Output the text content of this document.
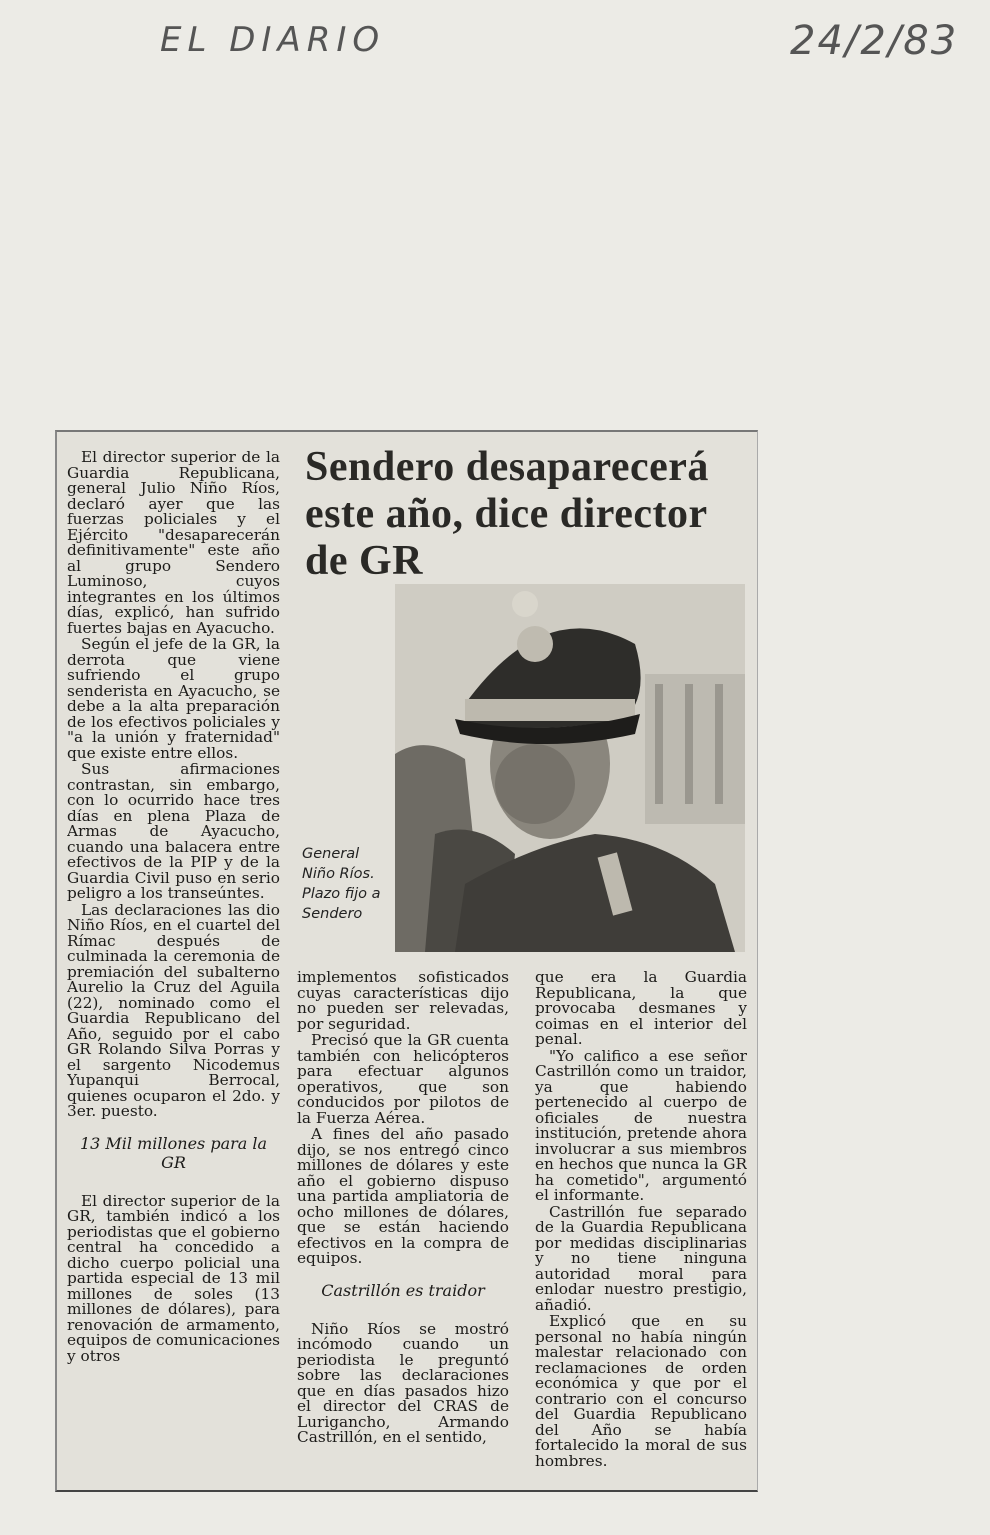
EL DIARIO	24/2/83

El director superior de la Guardia Republicana, general Julio Niño Ríos, declaró ayer que las fuerzas policiales y el Ejército "desaparecerán definitivamente" este año al grupo Sendero Luminoso, cuyos integrantes en los últimos días, explicó, han sufrido fuertes bajas en Ayacucho.

Según el jefe de la GR, la derrota que viene sufriendo el grupo senderista en Ayacucho, se debe a la alta preparación de los efectivos policiales y "a la unión y fraternidad" que existe entre ellos.

Sus afirmaciones contrastan, sin embargo, con lo ocurrido hace tres días en plena Plaza de Armas de Ayacucho, cuando una balacera entre efectivos de la PIP y de la Guardia Civil puso en serio peligro a los transeúntes.

Las declaraciones las dio Niño Ríos, en el cuartel del Rímac después de culminada la ceremonia de premiación del subalterno Aurelio la Cruz del Aguila (22), nominado como el Guardia Republicano del Año, seguido por el cabo GR Rolando Silva Porras y el sargento Nicodemus Yupanqui Berrocal, quienes ocuparon el 2do. y 3er. puesto.

13 Mil millones para la GR

El director superior de la GR, también indicó a los periodistas que el gobierno central ha concedido a dicho cuerpo policial una partida especial de 13 mil millones de soles (13 millones de dólares), para renovación de armamento, equipos de comunicaciones y otros

Sendero desaparecerá este año, dice director de GR
General Niño Ríos. Plazo fijo a Sendero

implementos sofisticados cuyas características dijo no pueden ser relevadas, por seguridad.

Precisó que la GR cuenta también con helicópteros para efectuar algunos operativos, que son conducidos por pilotos de la Fuerza Aérea.

A fines del año pasado dijo, se nos entregó cinco millones de dólares y este año el gobierno dispuso una partida ampliatoria de ocho millones de dólares, que se están haciendo efectivos en la compra de equipos.

Castrillón es traidor

Niño Ríos se mostró incómodo cuando un periodista le preguntó sobre las declaraciones que en días pasados hizo el director del CRAS de Lurigancho, Armando Castrillón, en el sentido,

que era la Guardia Republicana, la que provocaba desmanes y coimas en el interior del penal.

"Yo califico a ese señor Castrillón como un traidor, ya que habiendo pertenecido al cuerpo de oficiales de nuestra institución, pretende ahora involucrar a sus miembros en hechos que nunca la GR ha cometido", argumentó el informante.

Castrillón fue separado de la Guardia Republicana por medidas disciplinarias y no tiene ninguna autoridad moral para enlodar nuestro prestigio, añadió.

Explicó que en su personal no había ningún malestar relacionado con reclamaciones de orden económica y que por el contrario con el concurso del Guardia Republicano del Año se había fortalecido la moral de sus hombres.
